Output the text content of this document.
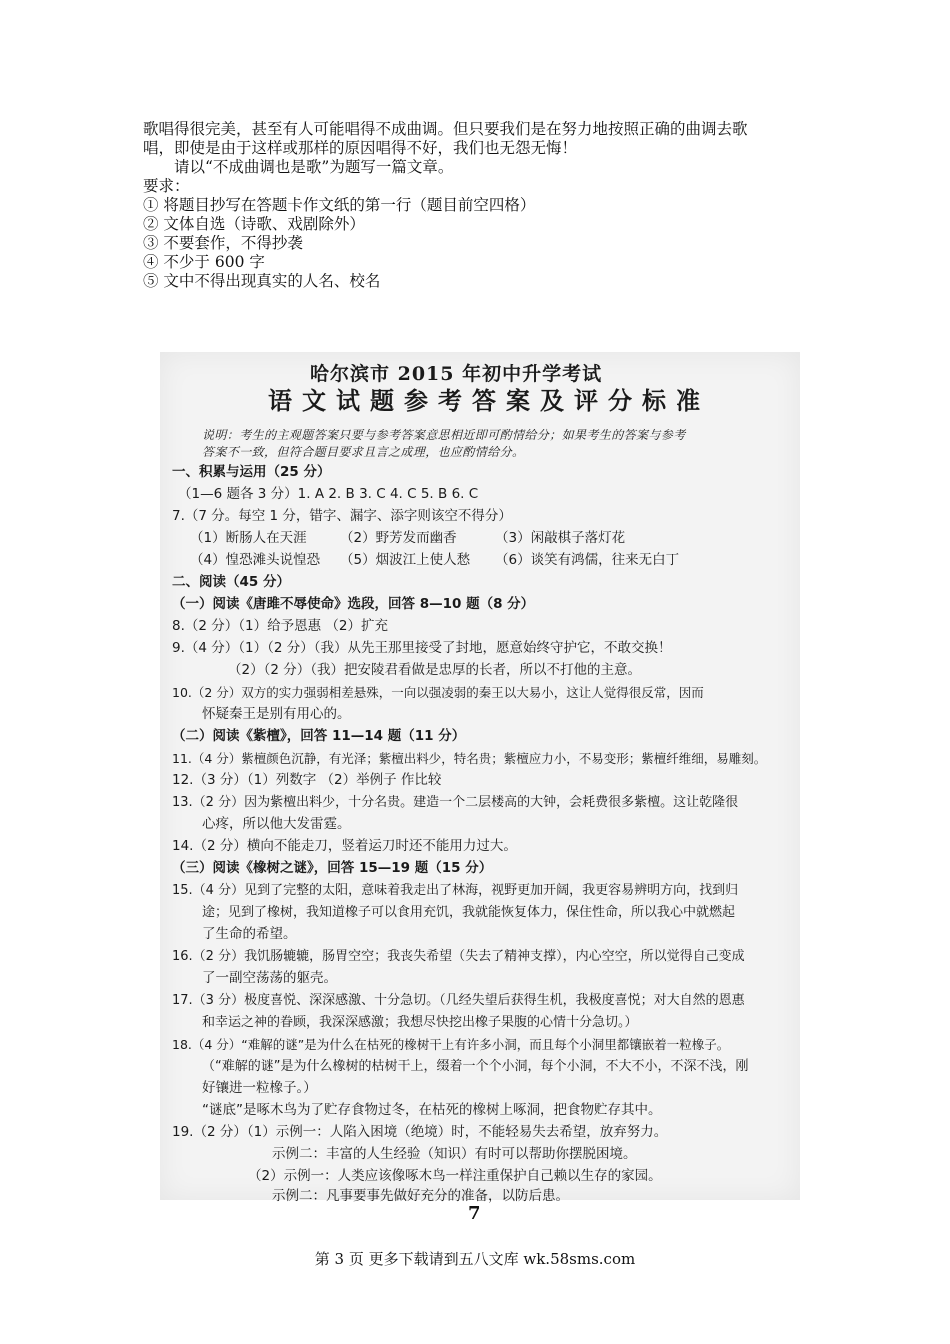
歌唱得很完美，甚至有人可能唱得不成曲调。但只要我们是在努力地按照正确的曲调去歌

唱，即使是由于这样或那样的原因唱得不好，我们也无怨无悔！

请以“不成曲调也是歌”为题写一篇文章。

要求：

① 将题目抄写在答题卡作文纸的第一行（题目前空四格）

② 文体自选（诗歌、戏剧除外）

③ 不要套作，不得抄袭

④ 不少于 600 字

⑤ 文中不得出现真实的人名、校名

哈尔滨市 2015 年初中升学考试
语文试题参考答案及评分标准
说明：考生的主观题答案只要与参考答案意思相近即可酌情给分；如果考生的答案与参考
答案不一致，但符合题目要求且言之成理，也应酌情给分。
一、积累与运用（25 分）
（1—6 题各 3 分）1. A 2. B 3. C 4. C 5. B 6. C
7.（7 分。每空 1 分，错字、漏字、添字则该空不得分）
（1）断肠人在天涯 （2）野芳发而幽香	（3）闲敲棋子落灯花
（4）惶恐滩头说惶恐 （5）烟波江上使人愁 （6）谈笑有鸿儒，往来无白丁
二、阅读（45 分）
（一）阅读《唐雎不辱使命》选段，回答 8—10 题（8 分）
8.（2 分）（1）给予恩惠 （2）扩充
9.（4 分）（1）（2 分）（我）从先王那里接受了封地，愿意始终守护它，不敢交换！
（2）（2 分）（我）把安陵君看做是忠厚的长者，所以不打他的主意。
10.（2 分）双方的实力强弱相差悬殊，一向以强凌弱的秦王以大易小，这让人觉得很反常，因而
怀疑秦王是别有用心的。
（二）阅读《紫檀》，回答 11—14 题（11 分）
11.（4 分）紫檀颜色沉静，有光泽；紫檀出料少，特名贵；紫檀应力小，不易变形；紫檀纤维细，易雕刻。
12.（3 分）（1）列数字 （2）举例子 作比较
13.（2 分）因为紫檀出料少，十分名贵。建造一个二层楼高的大钟，会耗费很多紫檀。这让乾隆很
心疼，所以他大发雷霆。
14.（2 分）横向不能走刀，竖着运刀时还不能用力过大。
（三）阅读《橡树之谜》，回答 15—19 题（15 分）
15.（4 分）见到了完整的太阳，意味着我走出了林海，视野更加开阔，我更容易辨明方向，找到归
途；见到了橡树，我知道橡子可以食用充饥，我就能恢复体力，保住性命，所以我心中就燃起
了生命的希望。
16.（2 分）我饥肠辘辘，肠胃空空；我丧失希望（失去了精神支撑），内心空空，所以觉得自己变成
了一副空荡荡的躯壳。
17.（3 分）极度喜悦、深深感激、十分急切。（几经失望后获得生机，我极度喜悦；对大自然的恩惠
和幸运之神的眷顾，我深深感激；我想尽快挖出橡子果腹的心情十分急切。）
18.（4 分）“难解的谜”是为什么在枯死的橡树干上有许多小洞，而且每个小洞里都镶嵌着一粒橡子。
（“难解的谜”是为什么橡树的枯树干上，缀着一个个小洞，每个小洞，不大不小，不深不浅，刚
好镶进一粒橡子。）
“谜底”是啄木鸟为了贮存食物过冬，在枯死的橡树上啄洞，把食物贮存其中。
19.（2 分）（1）示例一：人陷入困境（绝境）时，不能轻易失去希望，放弃努力。
示例二：丰富的人生经验（知识）有时可以帮助你摆脱困境。
（2）示例一：人类应该像啄木鸟一样注重保护自己赖以生存的家园。
示例二：凡事要事先做好充分的准备，以防后患。
7
第 3 页 更多下载请到五八文库 wk.58sms.com
